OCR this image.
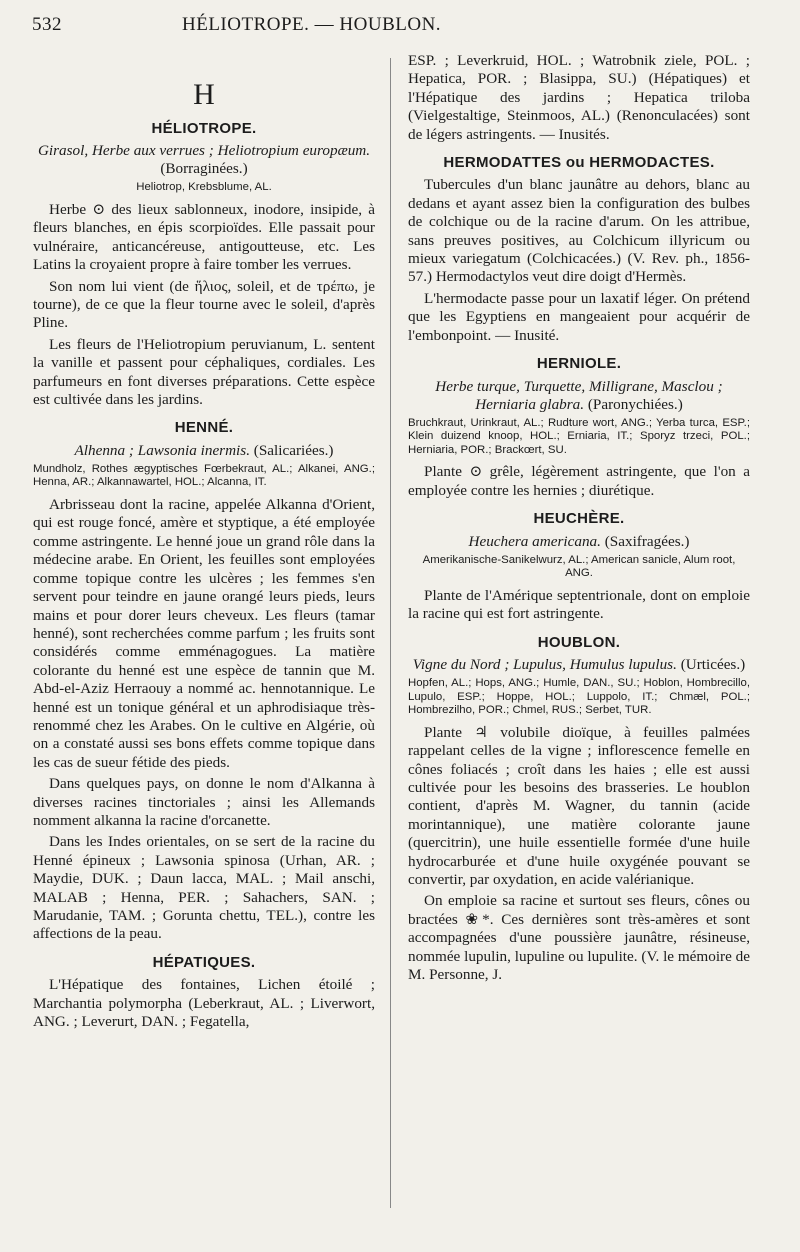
532	HÉLIOTROPE. — HOUBLON.
H
HÉLIOTROPE.
Girasol, Herbe aux verrues ; Heliotropium europæum. (Borraginées.)
Heliotrop, Krebsblume, AL.

Herbe ⊙ des lieux sablonneux, inodore, insipide, à fleurs blanches, en épis scorpioïdes. Elle passait pour vulnéraire, anticancéreuse, antigoutteuse, etc. Les Latins la croyaient propre à faire tomber les verrues.

Son nom lui vient (de ἥλιος, soleil, et de τρέπω, je tourne), de ce que la fleur tourne avec le soleil, d'après Pline.

Les fleurs de l'Heliotropium peruvianum, L. sentent la vanille et passent pour céphaliques, cordiales. Les parfumeurs en font diverses préparations. Cette espèce est cultivée dans les jardins.

HENNÉ.
Alhenna ; Lawsonia inermis. (Salicariées.)
Mundholz, Rothes ægyptisches Fœrbekraut, AL.; Alkanei, ANG.; Henna, AR.; Alkannawartel, HOL.; Alcanna, IT.

Arbrisseau dont la racine, appelée Alkanna d'Orient, qui est rouge foncé, amère et styptique, a été employée comme astringente. Le henné joue un grand rôle dans la médecine arabe. En Orient, les feuilles sont employées comme topique contre les ulcères ; les femmes s'en servent pour teindre en jaune orangé leurs pieds, leurs mains et pour dorer leurs cheveux. Les fleurs (tamar henné), sont recherchées comme parfum ; les fruits sont considérés comme emménagogues. La matière colorante du henné est une espèce de tannin que M. Abd-el-Aziz Herraouy a nommé ac. hennotannique. Le henné est un tonique général et un aphrodisiaque très-renommé chez les Arabes. On le cultive en Algérie, où on a constaté aussi ses bons effets comme topique dans les cas de sueur fétide des pieds.

Dans quelques pays, on donne le nom d'Alkanna à diverses racines tinctoriales ; ainsi les Allemands nomment alkanna la racine d'orcanette.

Dans les Indes orientales, on se sert de la racine du Henné épineux ; Lawsonia spinosa (Urhan, AR. ; Maydie, DUK. ; Daun lacca, MAL. ; Mail anschi, MALAB ; Henna, PER. ; Sahachers, SAN. ; Marudanie, TAM. ; Gorunta chettu, TEL.), contre les affections de la peau.

HÉPATIQUES.

L'Hépatique des fontaines, Lichen étoilé ; Marchantia polymorpha (Leberkraut, AL. ; Liverwort, ANG. ; Leverurt, DAN. ; Fegatella,

ESP. ; Leverkruid, HOL. ; Watrobnik ziele, POL. ; Hepatica, POR. ; Blasippa, SU.) (Hépatiques) et l'Hépatique des jardins ; Hepatica triloba (Vielgestaltige, Steinmoos, AL.) (Renonculacées) sont de légers astringents. — Inusités.

HERMODATTES ou HERMODACTES.

Tubercules d'un blanc jaunâtre au dehors, blanc au dedans et ayant assez bien la configuration des bulbes de colchique ou de la racine d'arum. On les attribue, sans preuves positives, au Colchicum illyricum ou mieux variegatum (Colchicacées.) (V. Rev. ph., 1856-57.) Hermodactylos veut dire doigt d'Hermès.

L'hermodacte passe pour un laxatif léger. On prétend que les Egyptiens en mangeaient pour acquérir de l'embonpoint. — Inusité.

HERNIOLE.
Herbe turque, Turquette, Milligrane, Masclou ; Herniaria glabra. (Paronychiées.)
Bruchkraut, Urinkraut, AL.; Rudture wort, ANG.; Yerba turca, ESP.; Klein duizend knoop, HOL.; Erniaria, IT.; Sporyz trzeci, POL.; Herniaria, POR.; Brackœrt, SU.

Plante ⊙ grêle, légèrement astringente, que l'on a employée contre les hernies ; diurétique.

HEUCHÈRE.
Heuchera americana. (Saxifragées.)
Amerikanische-Sanikelwurz, AL.; American sanicle, Alum root, ANG.

Plante de l'Amérique septentrionale, dont on emploie la racine qui est fort astringente.

HOUBLON.
Vigne du Nord ; Lupulus, Humulus lupulus. (Urticées.)
Hopfen, AL.; Hops, ANG.; Humle, DAN., SU.; Hoblon, Hombrecillo, Lupulo, ESP.; Hoppe, HOL.; Luppolo, IT.; Chmæl, POL.; Hombrezilho, POR.; Chmel, RUS.; Serbet, TUR.

Plante ♃ volubile dioïque, à feuilles palmées rappelant celles de la vigne ; inflorescence femelle en cônes foliacés ; croît dans les haies ; elle est aussi cultivée pour les besoins des brasseries. Le houblon contient, d'après M. Wagner, du tannin (acide morintannique), une matière colorante jaune (quercitrin), une huile essentielle formée d'une huile hydrocarburée et d'une huile oxygénée pouvant se convertir, par oxydation, en acide valérianique.

On emploie sa racine et surtout ses fleurs, cônes ou bractées ❀*. Ces dernières sont très-amères et sont accompagnées d'une poussière jaunâtre, résineuse, nommée lupulin, lupuline ou lupulite. (V. le mémoire de M. Personne, J.
